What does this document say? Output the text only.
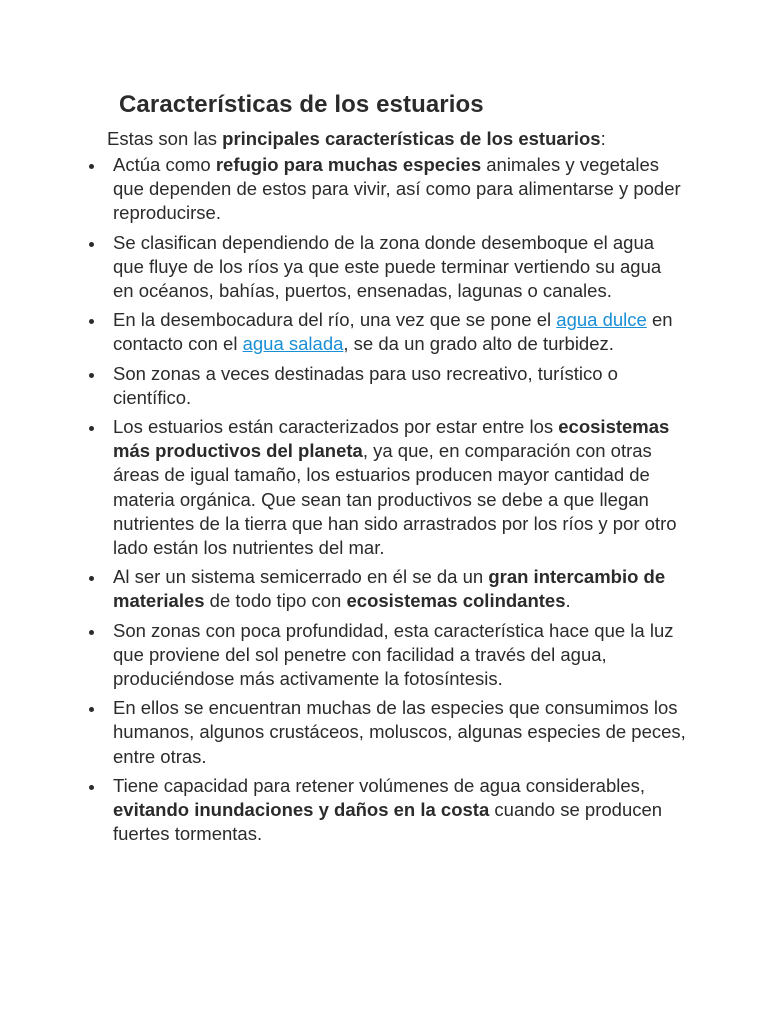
Características de los estuarios

Estas son las principales características de los estuarios:

Actúa como refugio para muchas especies animales y vegetales que dependen de estos para vivir, así como para alimentarse y poder reproducirse.
Se clasifican dependiendo de la zona donde desemboque el agua que fluye de los ríos ya que este puede terminar vertiendo su agua en océanos, bahías, puertos, ensenadas, lagunas o canales.
En la desembocadura del río, una vez que se pone el agua dulce en contacto con el agua salada, se da un grado alto de turbidez.
Son zonas a veces destinadas para uso recreativo, turístico o científico.
Los estuarios están caracterizados por estar entre los ecosistemas más productivos del planeta, ya que, en comparación con otras áreas de igual tamaño, los estuarios producen mayor cantidad de materia orgánica. Que sean tan productivos se debe a que llegan nutrientes de la tierra que han sido arrastrados por los ríos y por otro lado están los nutrientes del mar.
Al ser un sistema semicerrado en él se da un gran intercambio de materiales de todo tipo con ecosistemas colindantes.
Son zonas con poca profundidad, esta característica hace que la luz que proviene del sol penetre con facilidad a través del agua, produciéndose más activamente la fotosíntesis.
En ellos se encuentran muchas de las especies que consumimos los humanos, algunos crustáceos, moluscos, algunas especies de peces, entre otras.
Tiene capacidad para retener volúmenes de agua considerables, evitando inundaciones y daños en la costa cuando se producen fuertes tormentas.
